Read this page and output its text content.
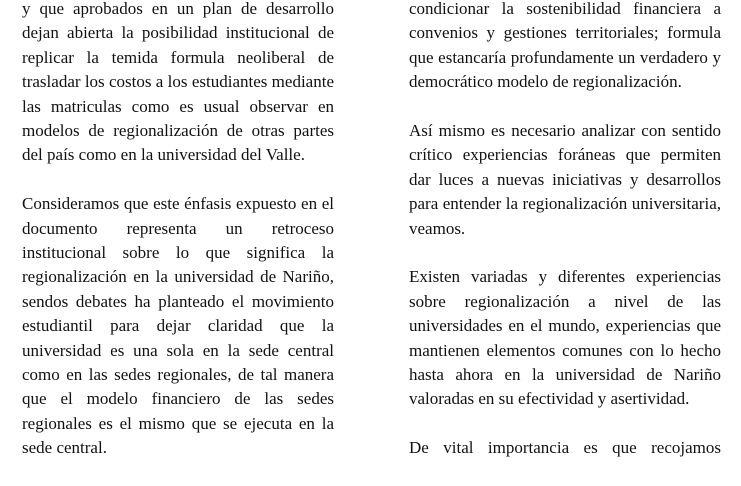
y que aprobados en un plan de desarrollo dejan abierta la posibilidad institucional de replicar la temida formula neoliberal de trasladar los costos a los estudiantes mediante las matriculas como es usual observar en modelos de regionalización de otras partes del país como en la universidad del Valle.

Consideramos que este énfasis expuesto en el documento representa un retroceso institucional sobre lo que significa la regionalización en la universidad de Nariño, sendos debates ha planteado el movimiento estudiantil para dejar claridad que la universidad es una sola en la sede central como en las sedes regionales, de tal manera que el modelo financiero de las sedes regionales es el mismo que se ejecuta en la sede central.

condicionar la sostenibilidad financiera a convenios y gestiones territoriales; formula que estancaría profundamente un verdadero y democrático modelo de regionalización.

Así mismo es necesario analizar con sentido crítico experiencias foráneas que permiten dar luces a nuevas iniciativas y desarrollos para entender la regionalización universitaria, veamos.

Existen variadas y diferentes experiencias sobre regionalización a nivel de las universidades en el mundo, experiencias que mantienen elementos comunes con lo hecho hasta ahora en la universidad de Nariño valoradas en su efectividad y asertividad.

De vital importancia es que recojamos
